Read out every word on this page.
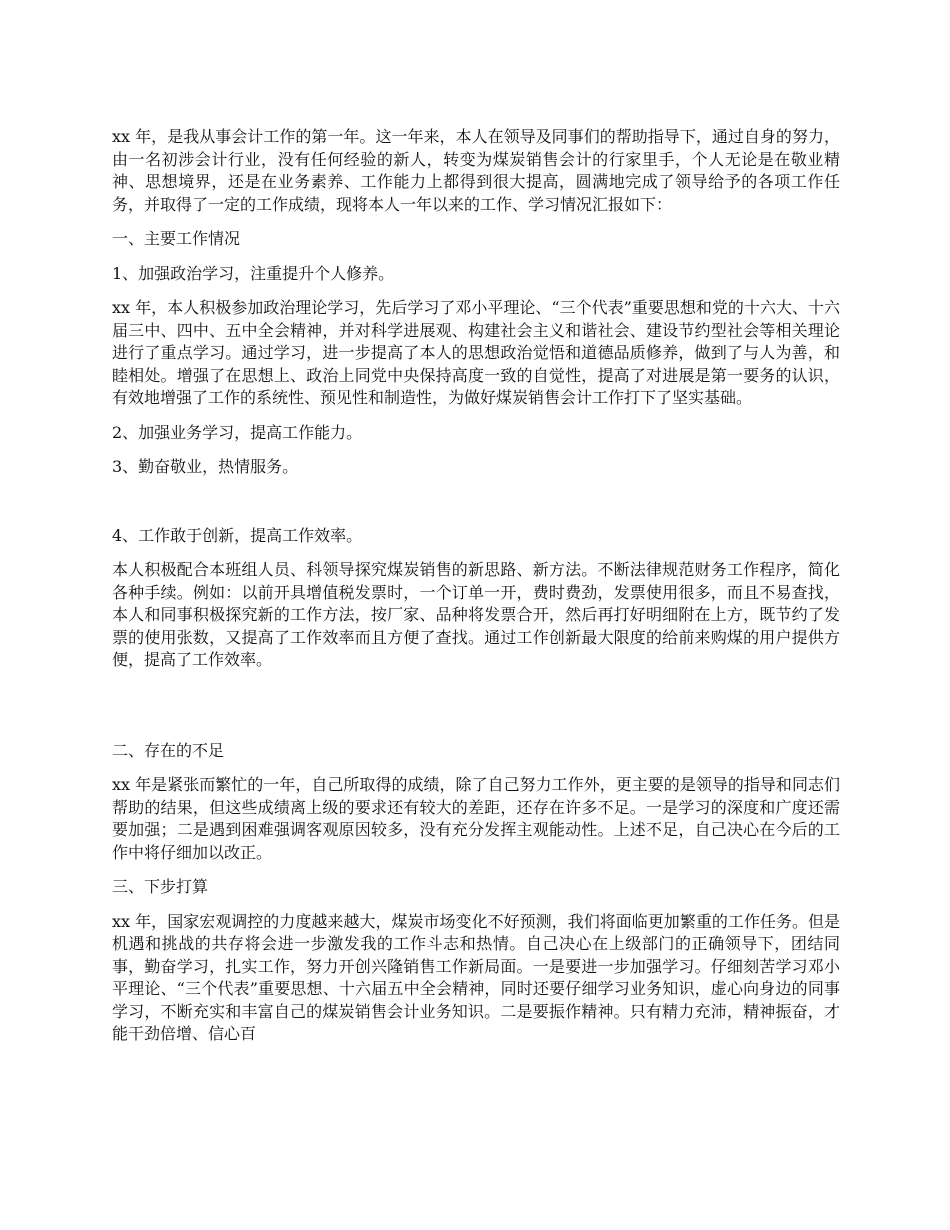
xx 年，是我从事会计工作的第一年。这一年来，本人在领导及同事们的帮助指导下，通过自身的努力，由一名初涉会计行业，没有任何经验的新人，转变为煤炭销售会计的行家里手，个人无论是在敬业精神、思想境界，还是在业务素养、工作能力上都得到很大提高，圆满地完成了领导给予的各项工作任务，并取得了一定的工作成绩，现将本人一年以来的工作、学习情况汇报如下：

一、主要工作情况

1、加强政治学习，注重提升个人修养。

xx 年，本人积极参加政治理论学习，先后学习了邓小平理论、“三个代表”重要思想和党的十六大、十六届三中、四中、五中全会精神，并对科学进展观、构建社会主义和谐社会、建设节约型社会等相关理论进行了重点学习。通过学习，进一步提高了本人的思想政治觉悟和道德品质修养，做到了与人为善，和睦相处。增强了在思想上、政治上同党中央保持高度一致的自觉性，提高了对进展是第一要务的认识，有效地增强了工作的系统性、预见性和制造性，为做好煤炭销售会计工作打下了坚实基础。

2、加强业务学习，提高工作能力。

3、勤奋敬业，热情服务。

4、工作敢于创新，提高工作效率。

本人积极配合本班组人员、科领导探究煤炭销售的新思路、新方法。不断法律规范财务工作程序，简化各种手续。例如：以前开具增值税发票时，一个订单一开，费时费劲，发票使用很多，而且不易查找，本人和同事积极探究新的工作方法，按厂家、品种将发票合开，然后再打好明细附在上方，既节约了发票的使用张数，又提高了工作效率而且方便了查找。通过工作创新最大限度的给前来购煤的用户提供方便，提高了工作效率。

二、存在的不足

xx 年是紧张而繁忙的一年，自己所取得的成绩，除了自己努力工作外，更主要的是领导的指导和同志们帮助的结果，但这些成绩离上级的要求还有较大的差距，还存在许多不足。一是学习的深度和广度还需要加强；二是遇到困难强调客观原因较多，没有充分发挥主观能动性。上述不足，自己决心在今后的工作中将仔细加以改正。

三、下步打算

xx 年，国家宏观调控的力度越来越大，煤炭市场变化不好预测，我们将面临更加繁重的工作任务。但是机遇和挑战的共存将会进一步激发我的工作斗志和热情。自己决心在上级部门的正确领导下，团结同事，勤奋学习，扎实工作，努力开创兴隆销售工作新局面。一是要进一步加强学习。仔细刻苦学习邓小平理论、“三个代表”重要思想、十六届五中全会精神，同时还要仔细学习业务知识，虚心向身边的同事学习，不断充实和丰富自己的煤炭销售会计业务知识。二是要振作精神。只有精力充沛，精神振奋，才能干劲倍增、信心百
